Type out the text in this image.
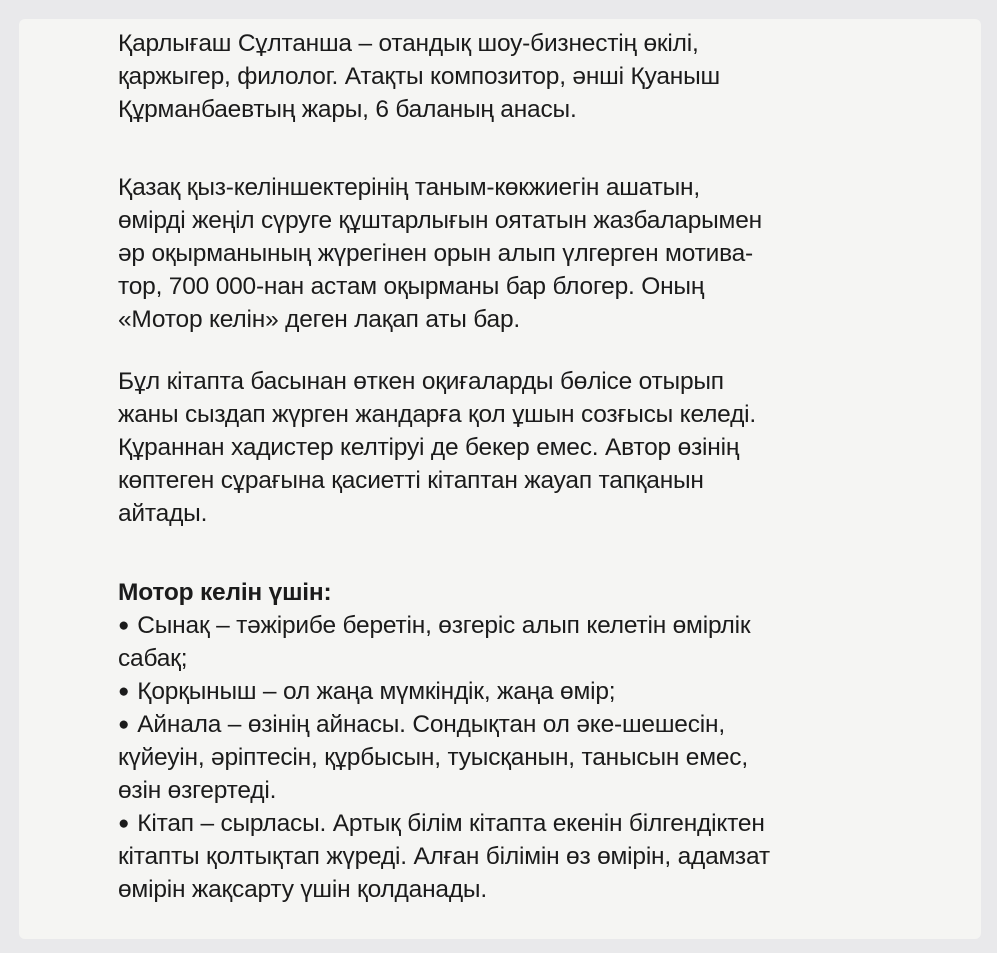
Қарлығаш Сұлтанша – отандық шоу-бизнестің өкілі,
қаржыгер, филолог. Атақты композитор, әнші Қуаныш
Құрманбаевтың жары, 6 баланың анасы.
Қазақ қыз-келіншектерінің таным-көкжиегін ашатын,
өмірді жеңіл сүруге құштарлығын оятатын жазбаларымен
әр оқырманының жүрегінен орын алып үлгерген мотива-
тор, 700 000-нан астам оқырманы бар блогер. Оның
«Мотор келін» деген лақап аты бар.
Бұл кітапта басынан өткен оқиғаларды бөлісе отырып
жаны сыздап жүрген жандарға қол ұшын созғысы келеді.
Құраннан хадистер келтіруі де бекер емес. Автор өзінің
көптеген сұрағына қасиетті кітаптан жауап тапқанын
айтады.
Мотор келін үшін:
● Сынақ – тәжірибе беретін, өзгеріс алып келетін өмірлік
сабақ;
● Қорқыныш – ол жаңа мүмкіндік, жаңа өмір;
● Айнала – өзінің айнасы. Сондықтан ол әке-шешесін,
күйеуін, әріптесін, құрбысын, туысқанын, танысын емес,
өзін өзгертеді.
● Кітап – сырласы. Артық білім кітапта екенін білгендіктен
кітапты қолтықтап жүреді. Алған білімін өз өмірін, адамзат
өмірін жақсарту үшін қолданады.
